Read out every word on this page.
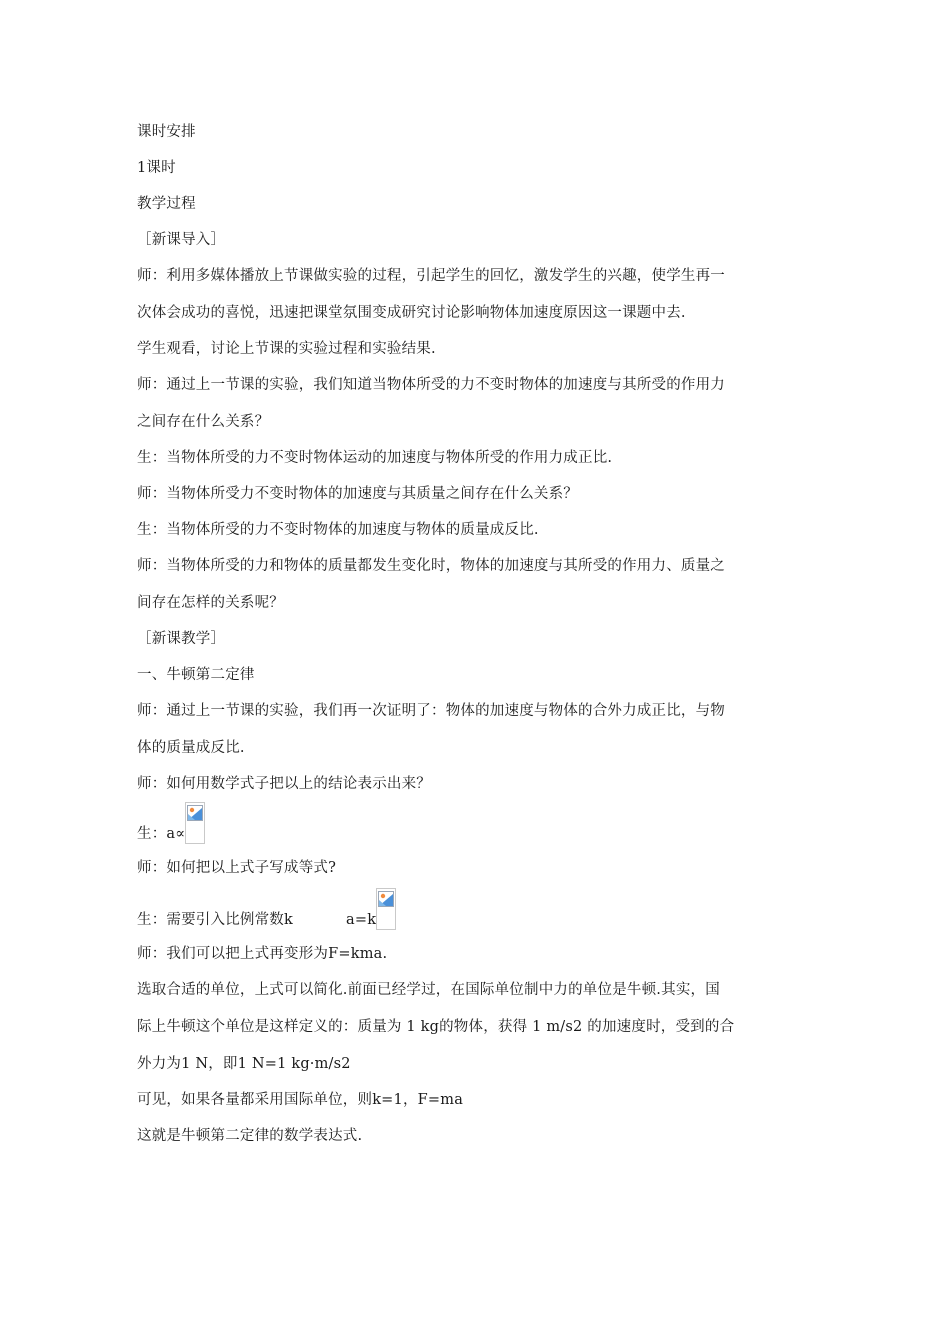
课时安排
1课时
教学过程
［新课导入］
师：利用多媒体播放上节课做实验的过程，引起学生的回忆，激发学生的兴趣，使学生再一
次体会成功的喜悦，迅速把课堂氛围变成研究讨论影响物体加速度原因这一课题中去.
学生观看，讨论上节课的实验过程和实验结果.
师：通过上一节课的实验，我们知道当物体所受的力不变时物体的加速度与其所受的作用力
之间存在什么关系？
生：当物体所受的力不变时物体运动的加速度与物体所受的作用力成正比.
师：当物体所受力不变时物体的加速度与其质量之间存在什么关系？
生：当物体所受的力不变时物体的加速度与物体的质量成反比.
师：当物体所受的力和物体的质量都发生变化时，物体的加速度与其所受的作用力、质量之
间存在怎样的关系呢？
［新课教学］
一、牛顿第二定律
师：通过上一节课的实验，我们再一次证明了：物体的加速度与物体的合外力成正比，与物
体的质量成反比.
师：如何用数学式子把以上的结论表示出来？
生：a∝
师：如何把以上式子写成等式?
生：需要引入比例常数k	a=k
师：我们可以把上式再变形为F=kma.
选取合适的单位，上式可以简化.前面已经学过，在国际单位制中力的单位是牛顿.其实，国
际上牛顿这个单位是这样定义的：质量为 1 kg的物体，获得 1 m/s2 的加速度时，受到的合
外力为1 N，即1 N=1 kg·m/s2
可见，如果各量都采用国际单位，则k=1，F=ma
这就是牛顿第二定律的数学表达式.
